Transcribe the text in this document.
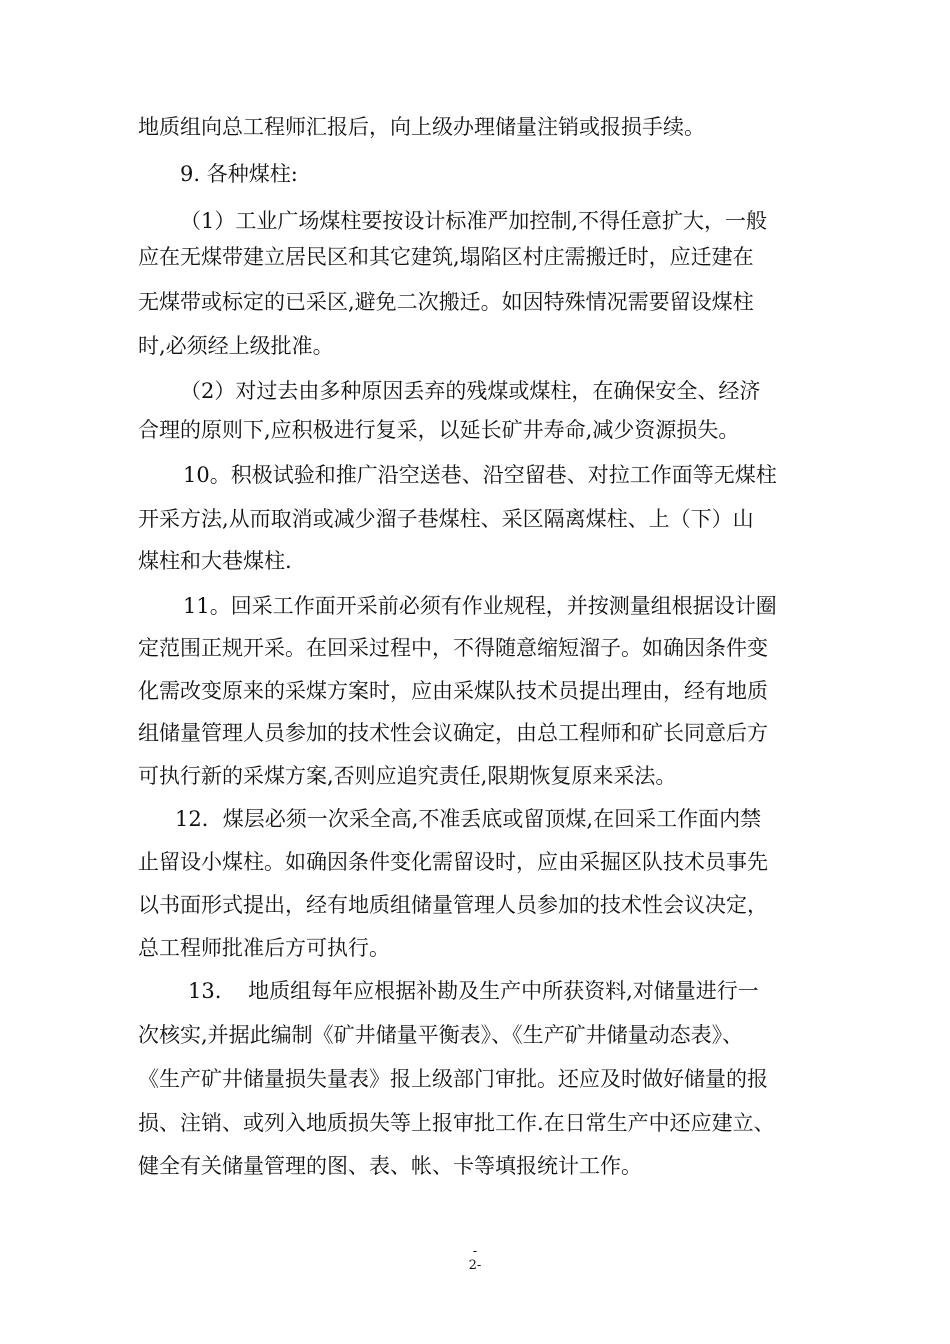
地质组向总工程师汇报后，向上级办理储量注销或报损手续。
9. 各种煤柱:
（1）工业广场煤柱要按设计标准严加控制,不得任意扩大，一般
应在无煤带建立居民区和其它建筑,塌陷区村庄需搬迁时，应迁建在
无煤带或标定的已采区,避免二次搬迁。如因特殊情况需要留设煤柱
时,必须经上级批准。
（2）对过去由多种原因丢弃的残煤或煤柱，在确保安全、经济
合理的原则下,应积极进行复采，以延长矿井寿命,减少资源损失。
10。积极试验和推广沿空送巷、沿空留巷、对拉工作面等无煤柱
开采方法,从而取消或减少溜子巷煤柱、采区隔离煤柱、上（下）山
煤柱和大巷煤柱.
11。回采工作面开采前必须有作业规程，并按测量组根据设计圈
定范围正规开采。在回采过程中，不得随意缩短溜子。如确因条件变
化需改变原来的采煤方案时，应由采煤队技术员提出理由，经有地质
组储量管理人员参加的技术性会议确定，由总工程师和矿长同意后方
可执行新的采煤方案,否则应追究责任,限期恢复原来采法。
12．煤层必须一次采全高,不准丢底或留顶煤,在回采工作面内禁
止留设小煤柱。如确因条件变化需留设时，应由采掘区队技术员事先
以书面形式提出，经有地质组储量管理人员参加的技术性会议决定，
总工程师批准后方可执行。
13.    地质组每年应根据补勘及生产中所获资料,对储量进行一
次核实,并据此编制《矿井储量平衡表》、《生产矿井储量动态表》、
《生产矿井储量损失量表》报上级部门审批。还应及时做好储量的报
损、注销、或列入地质损失等上报审批工作.在日常生产中还应建立、
健全有关储量管理的图、表、帐、卡等填报统计工作。
-
2-
